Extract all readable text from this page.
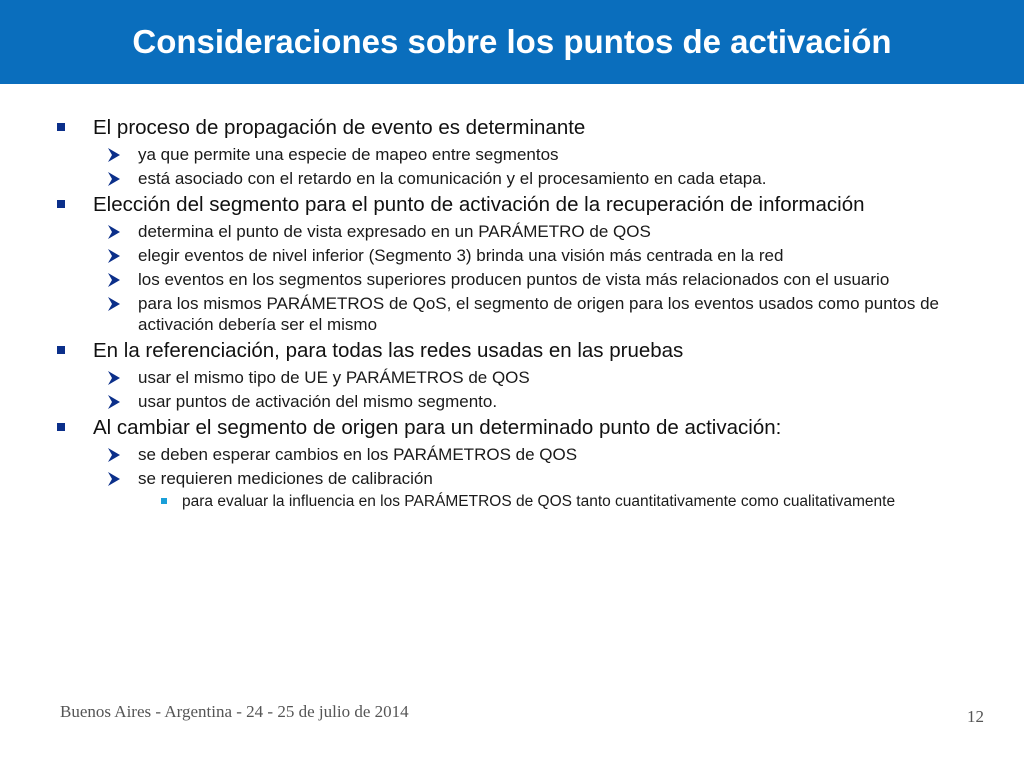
Consideraciones sobre los puntos de activación
El proceso de propagación de evento es determinante
ya que permite una especie de mapeo entre segmentos
está asociado con el retardo en la comunicación y el procesamiento en cada etapa.
Elección del segmento para el punto de activación de la recuperación de información
determina el punto de vista expresado en un PARÁMETRO de QOS
elegir eventos de nivel inferior (Segmento 3) brinda una visión más centrada en la red
los eventos en los segmentos superiores producen puntos de vista más relacionados con el usuario
para los mismos PARÁMETROS de QoS, el segmento de origen para los eventos usados como puntos de activación debería ser el mismo
En la referenciación, para todas las redes usadas en las pruebas
usar el mismo tipo de UE y PARÁMETROS de QOS
usar puntos de activación del mismo segmento.
Al cambiar el segmento de origen para un determinado punto de activación:
se deben esperar cambios en los PARÁMETROS de QOS
se requieren mediciones de calibración
para evaluar la influencia en los PARÁMETROS de QOS tanto cuantitativamente como cualitativamente
Buenos Aires - Argentina - 24 - 25 de julio de 2014	12
